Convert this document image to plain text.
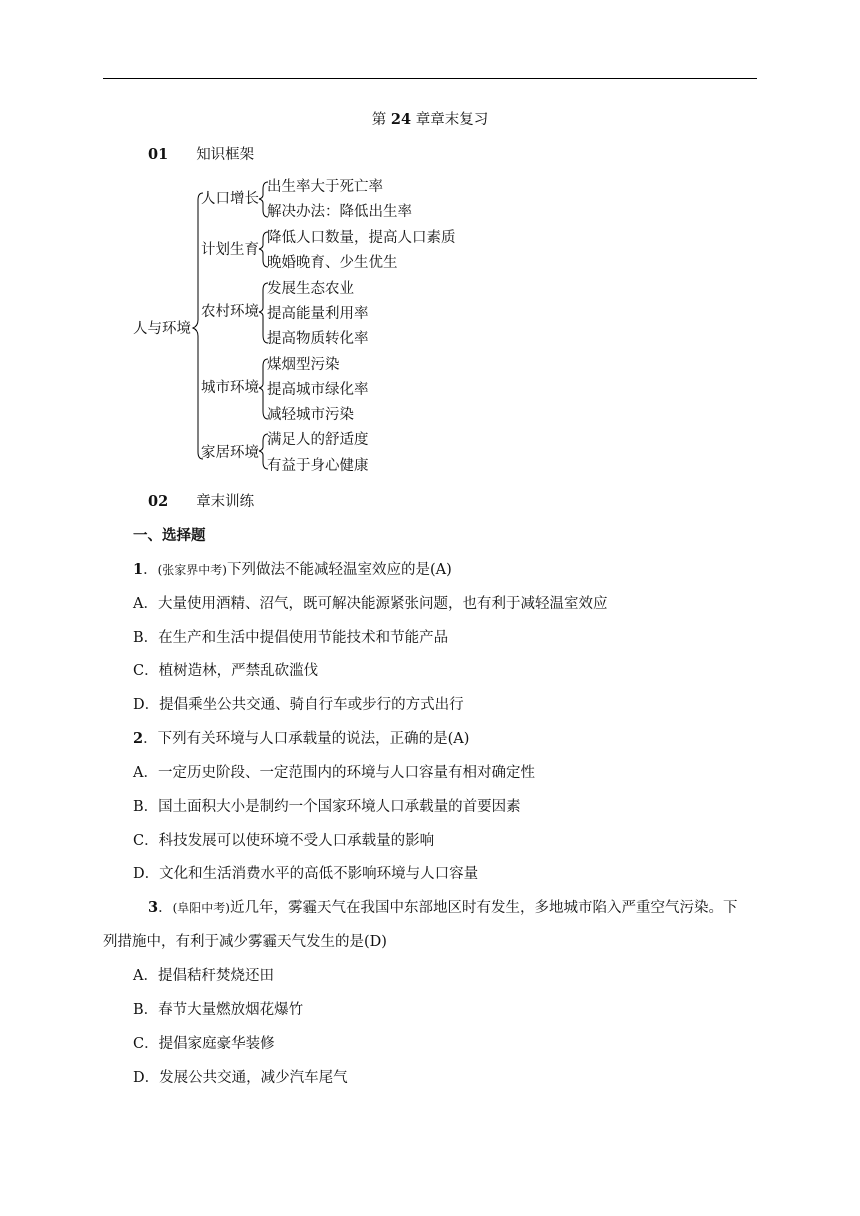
第 24 章章末复习
01 知识框架
人与环境
人口增长
出生率大于死亡率
解决办法：降低出生率
计划生育
降低人口数量，提高人口素质
晚婚晚育、少生优生
农村环境
发展生态农业
提高能量利用率
提高物质转化率
城市环境
煤烟型污染
提高城市绿化率
减轻城市污染
家居环境
满足人的舒适度
有益于身心健康
02 章末训练
一、选择题
1．(张家界中考)下列做法不能减轻温室效应的是(A)
A．大量使用酒精、沼气，既可解决能源紧张问题，也有利于减轻温室效应
B．在生产和生活中提倡使用节能技术和节能产品
C．植树造林，严禁乱砍滥伐
D．提倡乘坐公共交通、骑自行车或步行的方式出行
2．下列有关环境与人口承载量的说法，正确的是(A)
A．一定历史阶段、一定范围内的环境与人口容量有相对确定性
B．国土面积大小是制约一个国家环境人口承载量的首要因素
C．科技发展可以使环境不受人口承载量的影响
D．文化和生活消费水平的高低不影响环境与人口容量
3．(阜阳中考)近几年，雾霾天气在我国中东部地区时有发生，多地城市陷入严重空气污染。下
列措施中，有利于减少雾霾天气发生的是(D)
A．提倡秸秆焚烧还田
B．春节大量燃放烟花爆竹
C．提倡家庭豪华装修
D．发展公共交通，减少汽车尾气
